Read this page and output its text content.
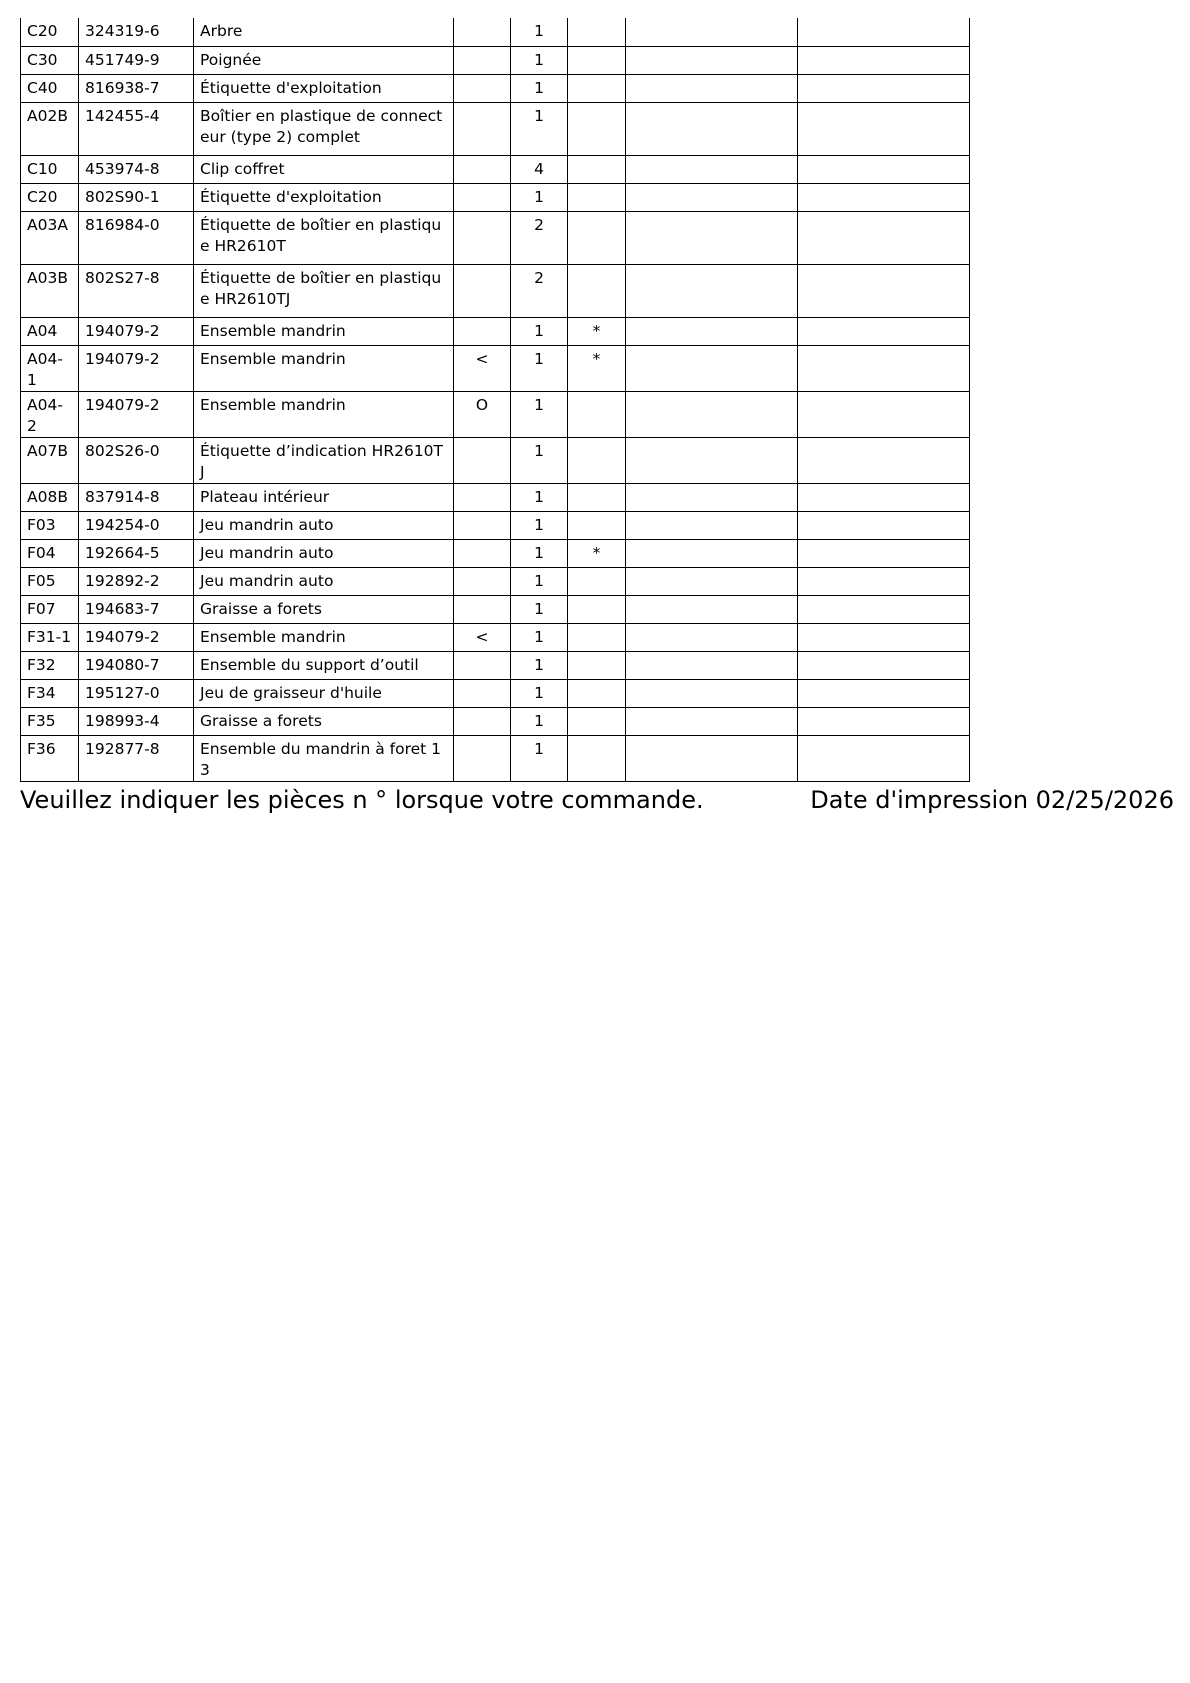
C20	324319-6	Arbre		1			
C30	451749-9	Poignée		1			
C40	816938-7	Étiquette d'exploitation		1			
A02B	142455-4	Boîtier en plastique de connecteur (type 2) complet		1			
C10	453974-8	Clip coffret		4			
C20	802S90-1	Étiquette d'exploitation		1			
A03A	816984-0	Étiquette de boîtier en plastique HR2610T		2			
A03B	802S27-8	Étiquette de boîtier en plastique HR2610TJ		2			
A04	194079-2	Ensemble mandrin		1	*		
A04-1	194079-2	Ensemble mandrin	<	1	*		
A04-2	194079-2	Ensemble mandrin	O	1			
A07B	802S26-0	Étiquette d’indication HR2610TJ		1			
A08B	837914-8	Plateau intérieur		1			
F03	194254-0	Jeu mandrin auto		1			
F04	192664-5	Jeu mandrin auto		1	*		
F05	192892-2	Jeu mandrin auto		1			
F07	194683-7	Graisse a forets		1			
F31-1	194079-2	Ensemble mandrin	<	1			
F32	194080-7	Ensemble du support d’outil		1			
F34	195127-0	Jeu de graisseur d'huile		1			
F35	198993-4	Graisse a forets		1			
F36	192877-8	Ensemble du mandrin à foret 13		1			
Veuillez indiquer les pièces n ° lorsque votre commande.	Date d'impression 02/25/2026
